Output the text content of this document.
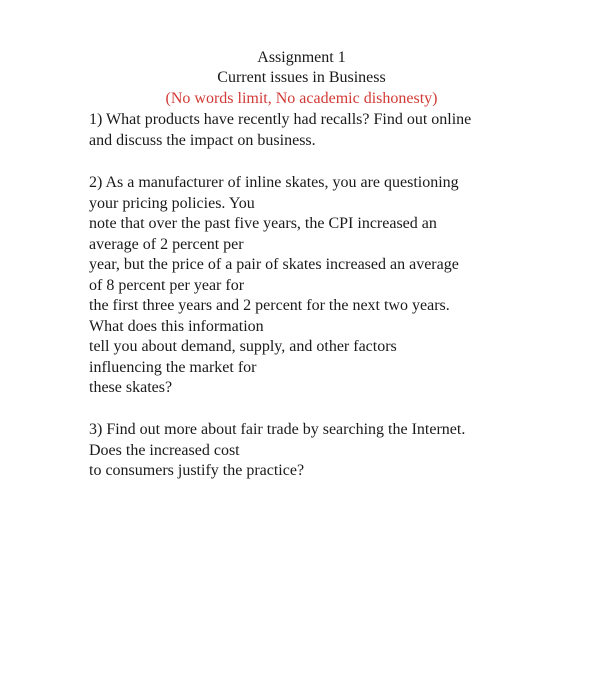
Assignment 1
Current issues in Business
(No words limit, No academic dishonesty)
1) What products have recently had recalls? Find out online
and discuss the impact on business.
2) As a manufacturer of inline skates, you are questioning
your pricing policies. You
note that over the past five years, the CPI increased an
average of 2 percent per
year, but the price of a pair of skates increased an average
of 8 percent per year for
the first three years and 2 percent for the next two years.
What does this information
tell you about demand, supply, and other factors
influencing the market for
these skates?
3) Find out more about fair trade by searching the Internet.
Does the increased cost
to consumers justify the practice?
